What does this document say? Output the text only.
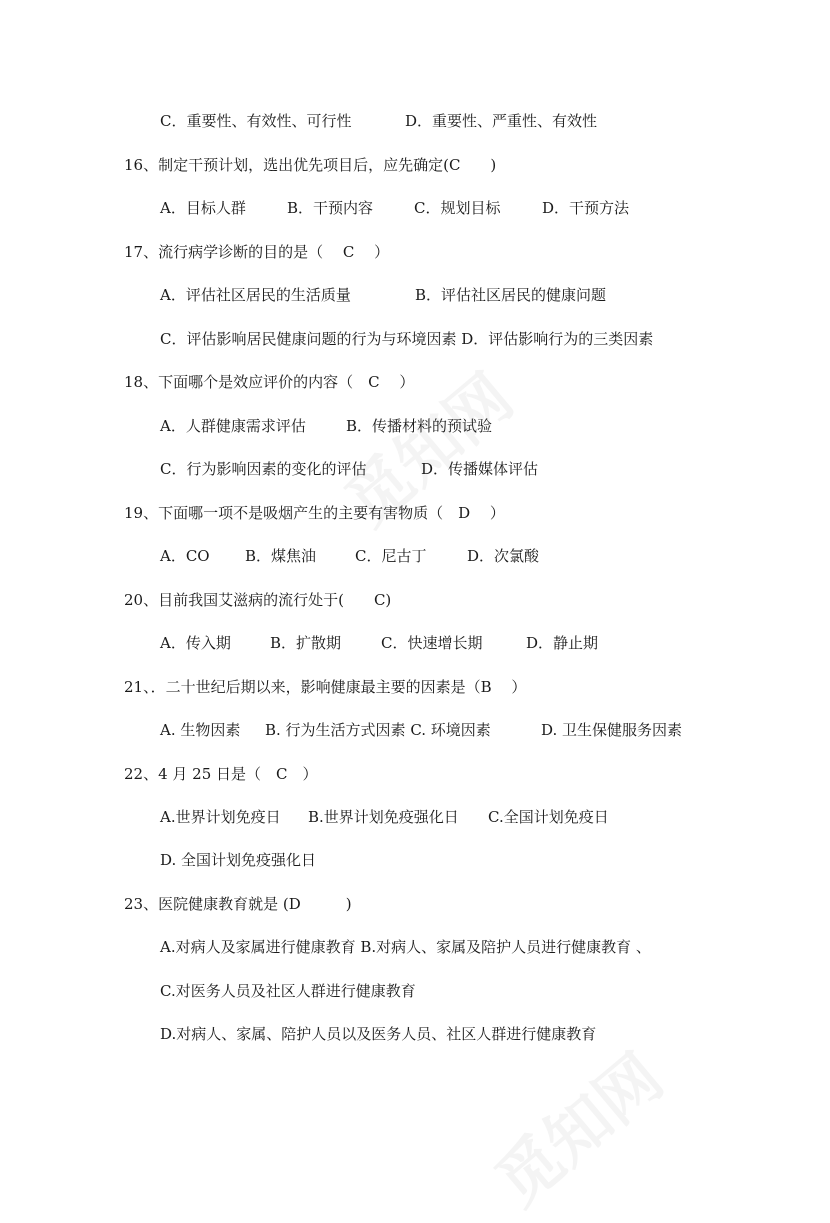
C．重要性、有效性、可行性	D．重要性、严重性、有效性
16、制定干预计划，选出优先项目后，应先确定(C　　)
A．目标人群	B．干预内容	C．规划目标	D．干预方法
17、流行病学诊断的目的是（　 C　 ）
A．评估社区居民的生活质量	B．评估社区居民的健康问题
C．评估影响居民健康问题的行为与环境因素 D．评估影响行为的三类因素
18、下面哪个是效应评价的内容（　C　 ）
A．人群健康需求评估	B．传播材料的预试验
C．行为影响因素的变化的评估	D．传播媒体评估
19、下面哪一项不是吸烟产生的主要有害物质（　D　 ）
A．CO B．煤焦油	C．尼古丁	D．次氯酸
20、目前我国艾滋病的流行处于(　　C)
A．传入期	B．扩散期	C．快速增长期	D．静止期
21、．二十世纪后期以来，影响健康最主要的因素是（B　 ）
A. 生物因素 B. 行为生活方式因素 C. 环境因素	D. 卫生保健服务因素
22、4 月 25 日是（　C　）
A.世界计划免疫日 B.世界计划免疫强化日 C.全国计划免疫日
D. 全国计划免疫强化日
23、医院健康教育就是 (D　　　)
A.对病人及家属进行健康教育 B.对病人、家属及陪护人员进行健康教育 、
C.对医务人员及社区人群进行健康教育
D.对病人、家属、陪护人员以及医务人员、社区人群进行健康教育
